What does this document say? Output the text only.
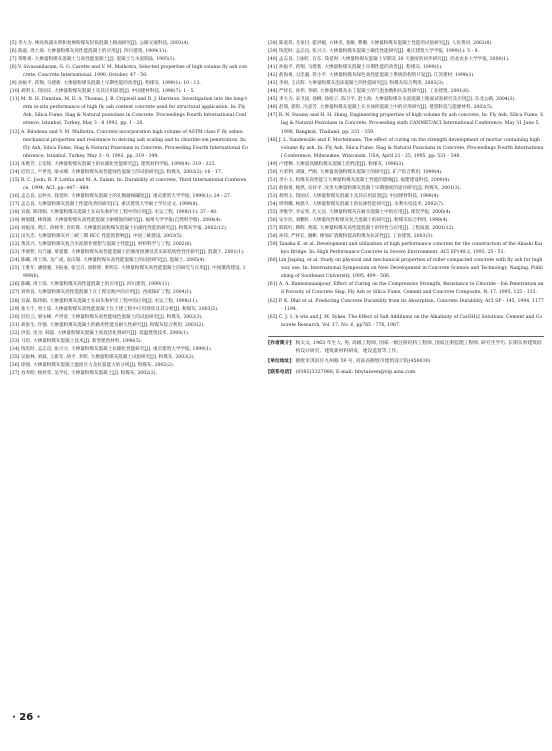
[5] 李大为. 掺高效减水剂和复掺粉煤灰轻质混凝土路面研究[J]. 公路交通科技, 2003(4).
[6] 陈嘉, 周士琼. 大掺量粉煤灰高性能混凝土的应用[J]. 四川建筑, 1999(11).
[7] 覃维祖. 大掺量粉煤灰混凝土与高性能混凝土[J]. 混凝土与水泥制品, 1995(1).
[8] V. Sivasundaram, G. G. Carette and V. M. Malhotra, Selected properties of high volume fly ash concrete, Concrete International, 1990, October, 47 - 50.
[9] 孙振平, 蒋翔, 马建新. 大掺量粉煤灰混凝土早期性能的改善[J]. 粉煤灰, 1999(1): 10 - 13.
[10] 胡明玉, 钮国庆. 大掺量粉煤灰混凝土及其应用前景[J]. 中国建材科技, 1998(7): 1 - 5.
[11] M. R. H. Dunstan, M. D. A. Thomas, J. B. Cripwell and D. J. Harrison, Investigation into the long-term in-situ performance of high fly ash content concrete used for structural application, In: Fly Ash, Silica Fume, Slag & Natural pozzolans in Concrete, Proceedings Fourth International Conference, Istanbul, Turkey, May 3 - 8 1992, pp. 1 - 20.
[12] A. Bilodeau and V. M. Malhotra, Concrete incorporation high volume of ASTM class F fly ashes: mechanical properties and resistance to deicing salt scaling and to chloride-ion penetration. In: Fly Ash, Silica Fume, Slag & Natural Pozzolans in Concrete, Proceeding Fourth International Conference, Istanbul, Turkey, May 3 - 8, 1992, pp. 319 - 349.
[13] 朱艳芳, 王培铭. 大掺量粉煤灰混凝土的抗碳化性能研究[J]. 建筑材料学报, 1999(4): 319 - 323.
[14] 迟培云, 卢世宽, 梁永峰. 大掺量粉煤灰高性能绿色混凝土的试验研究[J]. 粉煤灰, 2002(3): 16 - 17.
[15] R. C. Joshi, R. P. Lohtia and M. A. Salam, In: Durability of concrete, Third International Conference, 1994, ACI, pp: 447 - 464.
[16] 孟志良, 吴仲兵, 钱觉时. 大掺量粉煤灰混凝土的孔数破相碱度[J]. 重庆建筑大学学报, 1999(1): 24 - 27.
[17] 孟志良. 大掺量粉煤灰混凝土性能改善的研究[C]. 重庆建筑大学硕士学位论文, 1999(8).
[18] 宣森, 陈伟娟. 大掺量粉煤灰混凝土在码头和护岸工程中的应用[J]. 水运工程, 1998(11): 37 - 40.
[19] 林旭健, 林锋圆. 大掺量粉煤灰高性能混凝土耐腐蚀的研究[J]. 福州大学学报(自然科学版), 2004(4).
[20] 刘振清, 黄江, 蒋林华, 肖旺辉. 大掺量低质粉煤灰混凝土抗碳化性能的研究[J]. 粉煤灰学报, 2002(12).
[21] 田先忠. 大掺量粉煤灰对三峡三期 RCC 性能的影响[J]. 中国三峡建设, 2003(5).
[22] 黄其兴. 大掺量粉煤灰复合水泥制作理想与混凝土性能[J]. 材料科学与工程, 2002(6).
[23] 李康智, 冯乃谦, 覃爱群. 大掺量粉煤灰高性能混凝土的强度推测及其实际结构性性化研究[J]. 混凝土, 2001(1).
[24] 陈曦, 周士琼, 龙广成, 袁庆瑞. 大掺量粉煤灰高性能混凝土的试验研究[J]. 混凝土, 2005(4).
[25] 王胜年, 潘德强, 卫振豪, 张宝丑, 唐桥照, 黄明东. 大掺量粉煤灰高性能混凝土的研究与应用[J]. 中国港湾建设, 1999(6).
[26] 陈曦, 周士琼. 大掺量粉煤灰高性能混凝土的应用[J]. 四川建筑, 1999(11).
[27] 刘勇良. 大掺量粉煤灰高性能混凝土在工程实践中的应用[J]. 西部探矿工程, 2004(1).
[28] 宣森, 陈伟娟. 大掺量粉煤灰混凝土在码头和护岸工程中的应用[J]. 水运工程, 1998(11).
[29] 张大千, 周士琼. 大掺量粉煤灰高性能混凝土在土建工程中应用现状及其分析[J]. 粉煤灰, 2003(5).
[30] 迟培云, 梁永峰, 卢世宽. 大掺量粉煤灰高性能绿色混凝土的试验研究[J]. 粉煤灰, 2002(3).
[31] 胡张生, 许强. 大掺量粉煤灰混凝土的路用性能及耐久性研究[J]. 粉煤灰综合利用, 2003(2).
[32] 洪雷, 史寻, 韩磊. 大掺量粉煤灰混凝土高效活化剂研究[J]. 低温建筑技术, 2000(1).
[33] 马培. 大掺量粉煤灰混凝土技术[J]. 新型建筑材料, 1998(5).
[34] 钱觉时, 孟志良, 张兴元. 大掺量粉煤灰混凝土抗碳化性能研究[J]. 重庆建筑大学学报, 1999(1).
[35] 吴振林, 刘斌, 王新军, 胡平, 李辉. 大掺量粉煤灰混凝土试验研究[J]. 粉煤灰, 2003(2).
[36] 徐强. 大掺量粉煤灰混凝土温度应力及抗裂能力的分析[J]. 粉煤灰, 2002(2).
[37] 谷寿昭, 杨铁荣, 吴学礼. 大掺量粉煤灰混凝土[J]. 粉煤灰, 2002(2).
[38] 陈爱玖, 尤家付, 霍洪媛, 方林炎, 张雁, 曹珊. 大掺量粉煤灰混凝土性能的试验研究[J]. 人民黄河, 2002(8).
[39] 钱觉时, 孟志良, 张兴元. 大掺量粉煤灰混凝土碳化性能研究[J]. 重庆建筑大学学报, 1999(1): 5 - 9.
[40] 孟志良, 王丽红, 官东, 钱觉时. 大掺量粉煤灰混凝土早期及 28 天强度的初步研究[J]. 西北农业大学学报, 2000(1).
[41] 孙振平, 蒋翔, 马建新. 大掺量粉煤灰混凝土早期性能的改善[J]. 粉煤灰, 1999(1).
[42] 俞海勇, 习忠毅, 管小平. 大掺量粉煤灰绿色高性能混凝土系统的构筑开发[J]. 江苏建材, 1998(1).
[43] 李炳, 王庆辉. 大掺量粉煤灰泡沫混凝土的性能研究[J]. 粉煤灰综合利用, 2003(3).
[44] 严梓长, 孙伟, 李朝. 大掺量粉煤灰水工混凝土的气泡参数和抗冻性研究[J]. 工业建筑, 2001(6).
[45] 李大为, 宋卫国, 徐柳, 徐绍子, 陈卫平, 赵大海. 大掺量粉煤灰水泥混凝土路面试验研究及应用[J]. 东北公路, 2004(3).
[46] 赵瑞, 郭彤, 冯彦芳. 大掺量粉煤灰混凝土在水体积混凝土中的应用研究[J]. 建筑科技与能源材料, 2002(5).
[47] R. N. Swamy and H. H. Hung, Engineering properties of high volume fly ash concrete, In: Fly Ash, Silica Fume, Slag & Natural Pozzolans in Concrete, Proceeding sixth CANMET/ACI International Conference, May 31 June 5, 1998, Bangkok, Thailand, pp: 331 - 359.
[48] J. L. Vandewalle and F. Mortelmans, The effect of curing on the strength development of mortar containing high volume fly ash, In: Fly Ash, Silica Fume, Slag & Natural Pozzolans in Concrete, Proceedings Fourth International Conference, Milwaukee, Wisconsin, USA, April 21 - 25, 1995, pp: 531 - 548.
[49] 卢建穆. 大掺量高级粉煤灰混凝土的性能[J]. 粉煤灰, 1996(3).
[50] 方荣利, 刘敏, 严刚. 大掺量高强粉煤灰混凝土的研究[J]. 矿产综合利用, 1999(4).
[51] 李小玉. 粉煤灰高性能与大掺量粉煤灰混凝土性能的影响[J]. 福建建设科技, 2000(4).
[52] 俞海勇, 杨然, 宣祥平. 改善大掺量粉煤灰混凝土早期强度的途径研究[J]. 粉煤灰, 2001(3).
[53] 胡明玉, 钮国庆. 大掺量粉煤灰混凝土及其应用前景[J]. 中国建材科技, 1998(4).
[54] 周明耀, 杨鼎久. 大掺量粉煤灰混凝土的抗渗性能研究[J]. 水利水电技术, 2002(7).
[55] 李维学, 李安荣, 孔元良. 大掺量粉煤灰在耐水混凝土中的应用[J]. 煤炭学报, 2000(4).
[56] 宋少民, 刘鹏红. 大掺量改性粉煤灰复合混凝土的研究[J]. 粉煤灰综合利用, 1998(4).
[57] 韩跃红, 穆辉, 黄霞. 大掺量粉煤灰高性能混凝土的特性与应用[J]. 工程质量, 2001(12).
[58] 孙伟, 严梓长, 谢彬. 掺加矿渣微粉提高粉煤灰抗冻性[J]. 工业建筑, 2003(3).
[59] Tanaka K. et al. Development and utilization of high performance concrete for the construction of the Akashi Kaikyo Bridge. In: High Performance Concrete in Severe Environment, ACI SP140-2, 1993, 25 - 51.
[60] Lin Jiaping, et al. Study on physical and mechanical properties of roller compacted concrete with fly ash for high way use. In: International Symposium on New Development in Concrete Science and Technology, Nanjing. Publishing of Southeast University, 1995. 499 - 506.
[61] A. A. Ramezanianpour, Effect of Curing on the Compressive Strength, Resistance to Chloride - Ion Penetration and Porosity of Concrete Slag, Fly Ash or Silica Fume, Cement and Concrete Composite, N. 17, 1995, 125 - 133.
[62] P. K. Dhir et al. Predicting Concrete Durability from its Absorption, Concrete Durability, ACI SP - 145, 1994, 1177 - 1194.
[63] C. J. 1, h win and J. M. Sykes, The Effect of Salt Additions on the Alkalinity of Ca(OH)2 Solutions. Cement and Concrete Research, Vol. 17, No. 6, pp765 - 776, 1987.
[作者简介] 杨太文, 1963 年生人, 男, 高级工程师, 国家一级注册结构工程师, 国家注册监理工程师, 研究生学历, 长期从事建筑结构设计研究、建筑新材料研发、建设监督等工作。
[单位地址] 鹤壁市淇滨区九州路 59 号, 河南省鹤壁市建筑设计院(458030)
[联系电话] (0392)3327986; E-mail: hbytaiwen@vip.sina.com
· 26 ·
